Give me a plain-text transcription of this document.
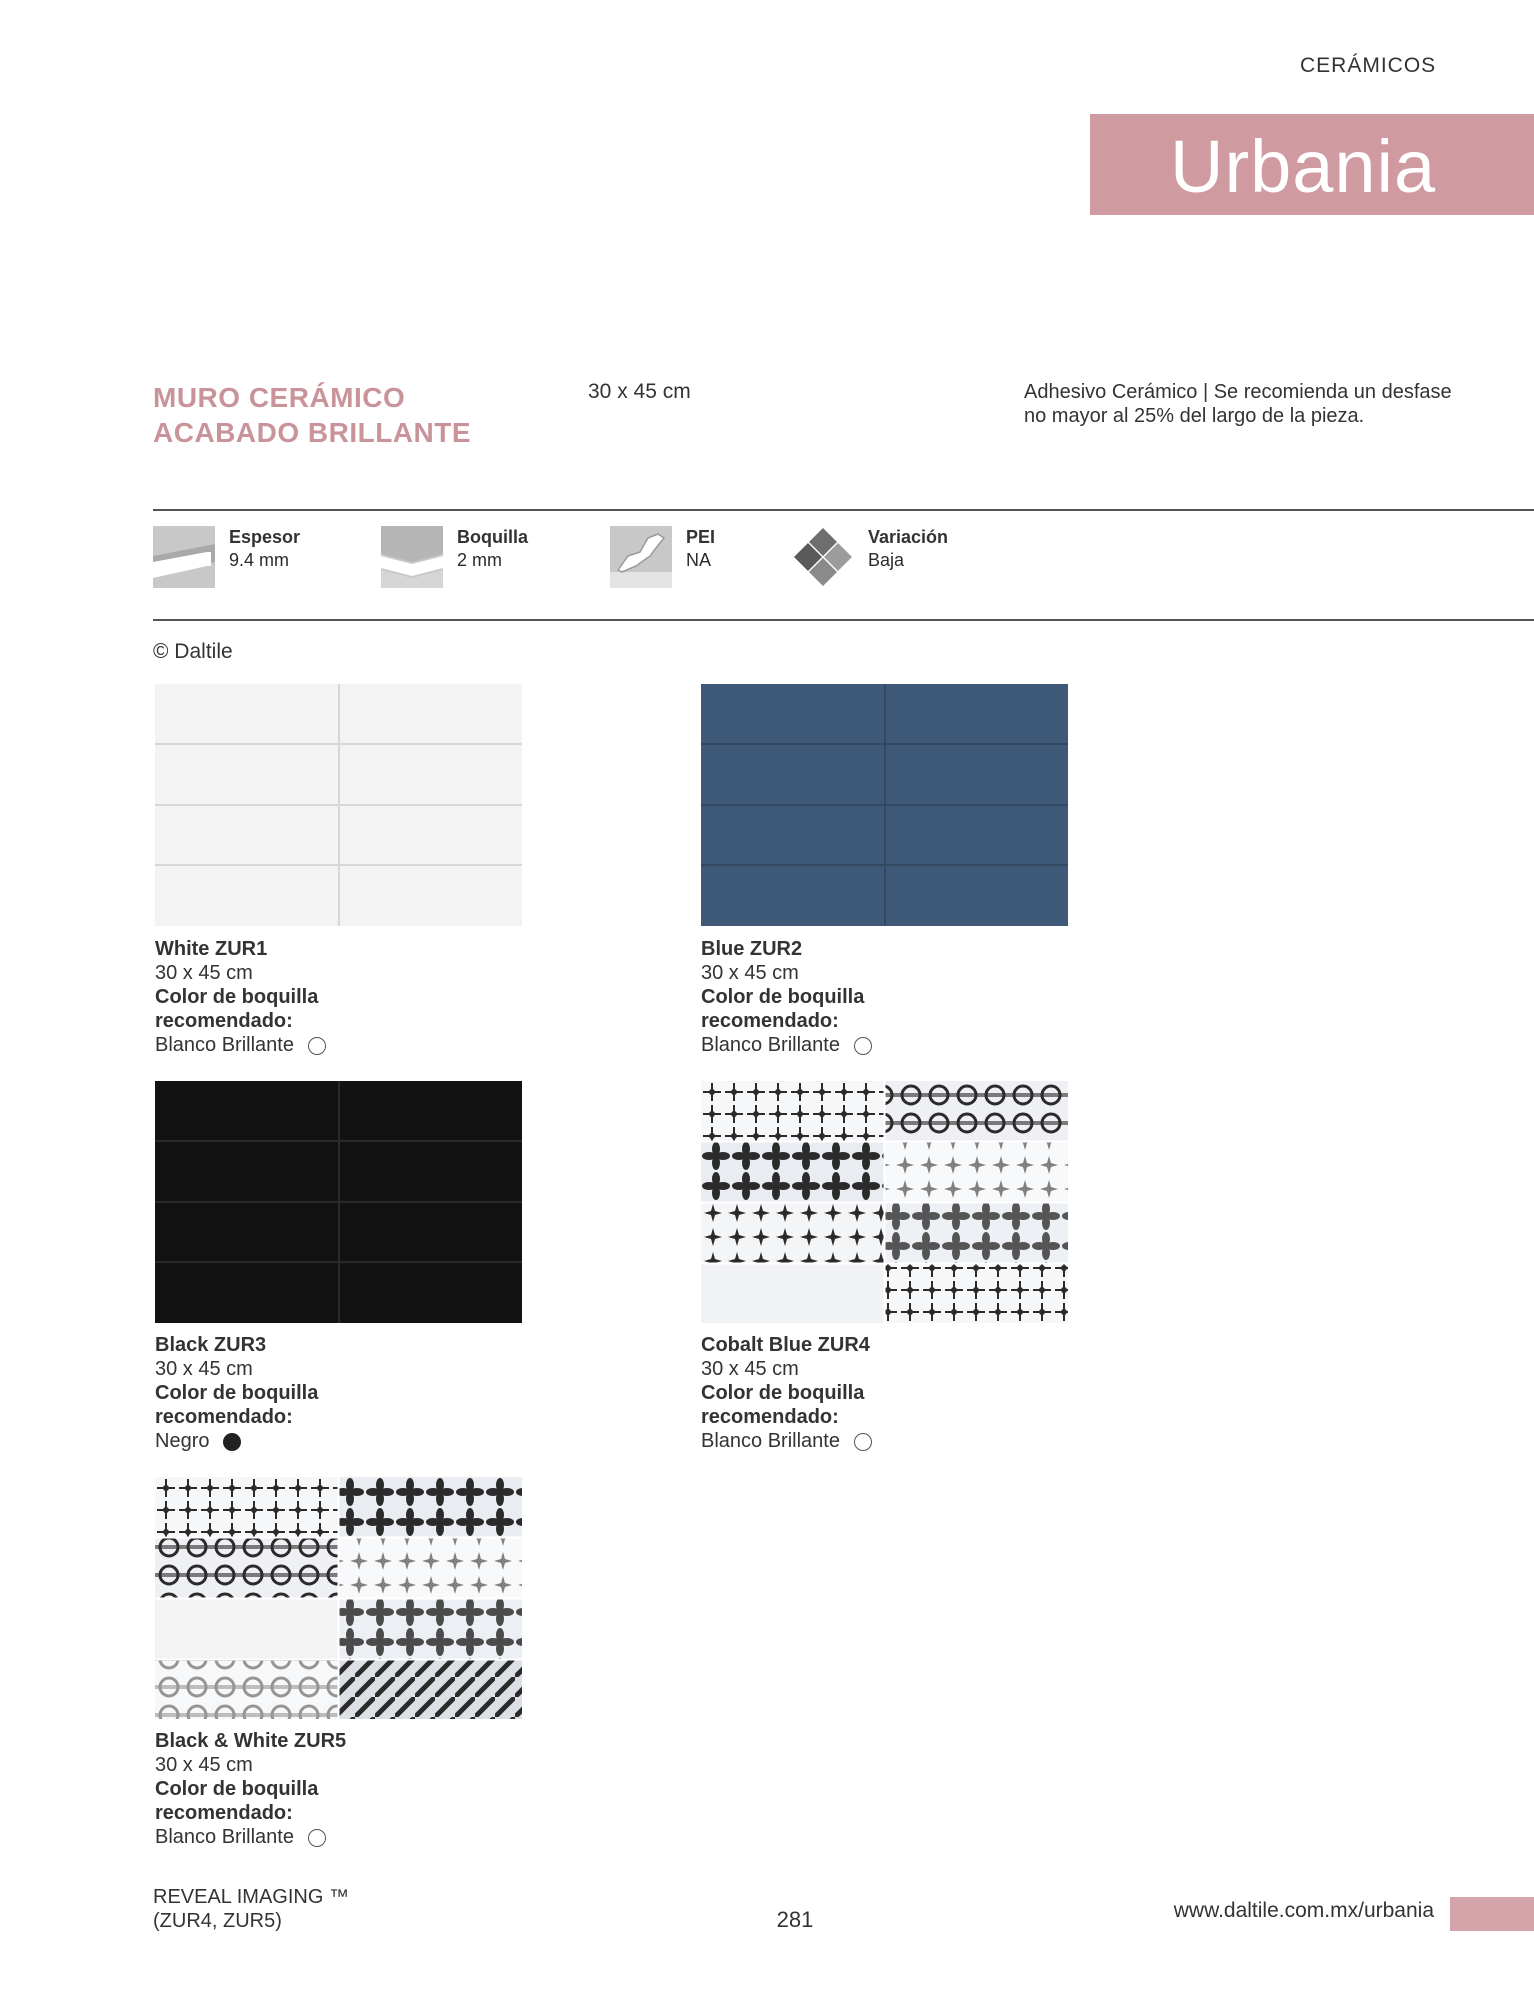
CERÁMICOS
Urbania
MURO CERÁMICO
ACABADO BRILLANTE
30 x 45 cm	Adhesivo Cerámico | Se recomienda un desfase
no mayor al 25% del largo de la pieza.
Espesor
9.4 mm
Boquilla
2 mm
PEI
NA
Variación
Baja
© Daltile
White ZUR1
30 x 45 cm
Color de boquilla
recomendado:
Blanco Brillante
Blue ZUR2
30 x 45 cm
Color de boquilla
recomendado:
Blanco Brillante
Black ZUR3
30 x 45 cm
Color de boquilla
recomendado:
Negro
Cobalt Blue ZUR4
30 x 45 cm
Color de boquilla
recomendado:
Blanco Brillante
Black & White ZUR5
30 x 45 cm
Color de boquilla
recomendado:
Blanco Brillante
REVEAL IMAGING ™
(ZUR4, ZUR5)	281	www.daltile.com.mx/urbania
